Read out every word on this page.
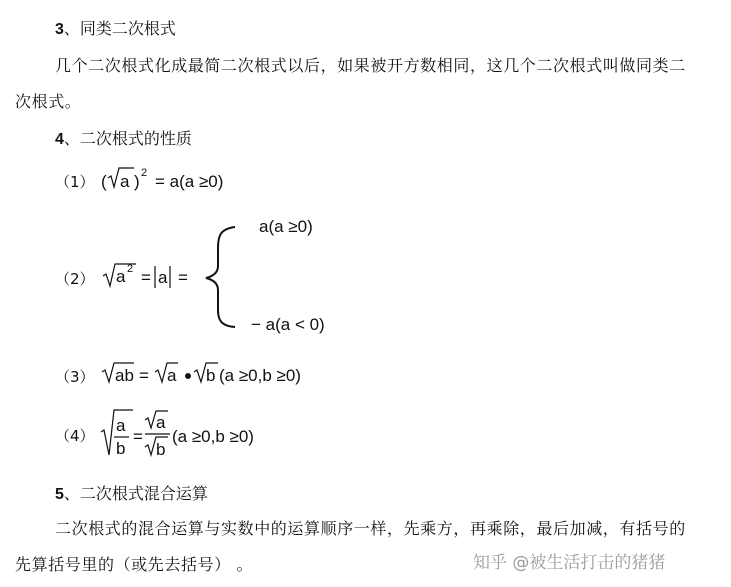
3、同类二次根式
几个二次根式化成最简二次根式以后，如果被开方数相同，这几个二次根式叫做同类二
次根式。
4、二次根式的性质
（1）
（2）
（3）
（4）
( a ) 2 = a(a ≥0)
a 2 = a =
a(a ≥0)
− a(a < 0)
ab = a b (a ≥0,b ≥0)
a
b
=
a
b
(a ≥0,b ≥0)
5、二次根式混合运算
二次根式的混合运算与实数中的运算顺序一样，先乘方，再乘除，最后加减，有括号的
先算括号里的（或先去括号） 。	知乎 @被生活打击的猪猪
